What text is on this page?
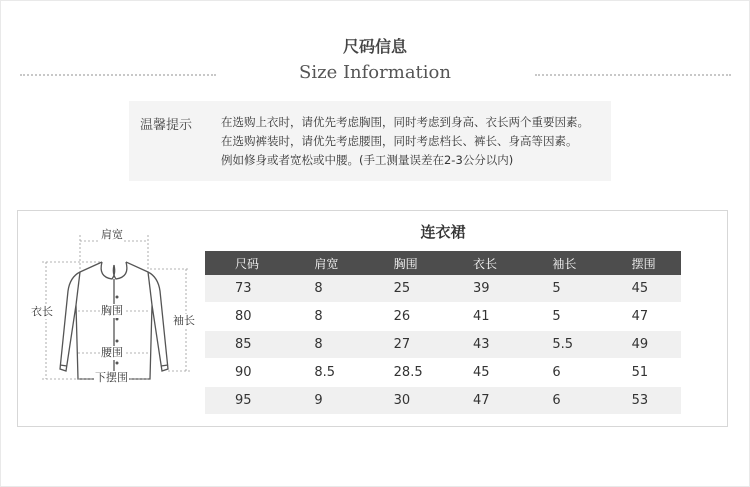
尺码信息
Size Information
温馨提示	在选购上衣时，请优先考虑胸围，同时考虑到身高、衣长两个重要因素。
在选购裤装时，请优先考虑腰围，同时考虑档长、裤长、身高等因素。
例如修身或者宽松或中腰。(手工测量误差在2-3公分以内)
肩宽
衣长	胸围
袖长
腰围
下摆围
连衣裙
尺码	肩宽	胸围	衣长	袖长	摆围
73	8	25	39	5	45
80	8	26	41	5	47
85	8	27	43	5.5	49
90	8.5	28.5	45	6	51
95	9	30	47	6	53
